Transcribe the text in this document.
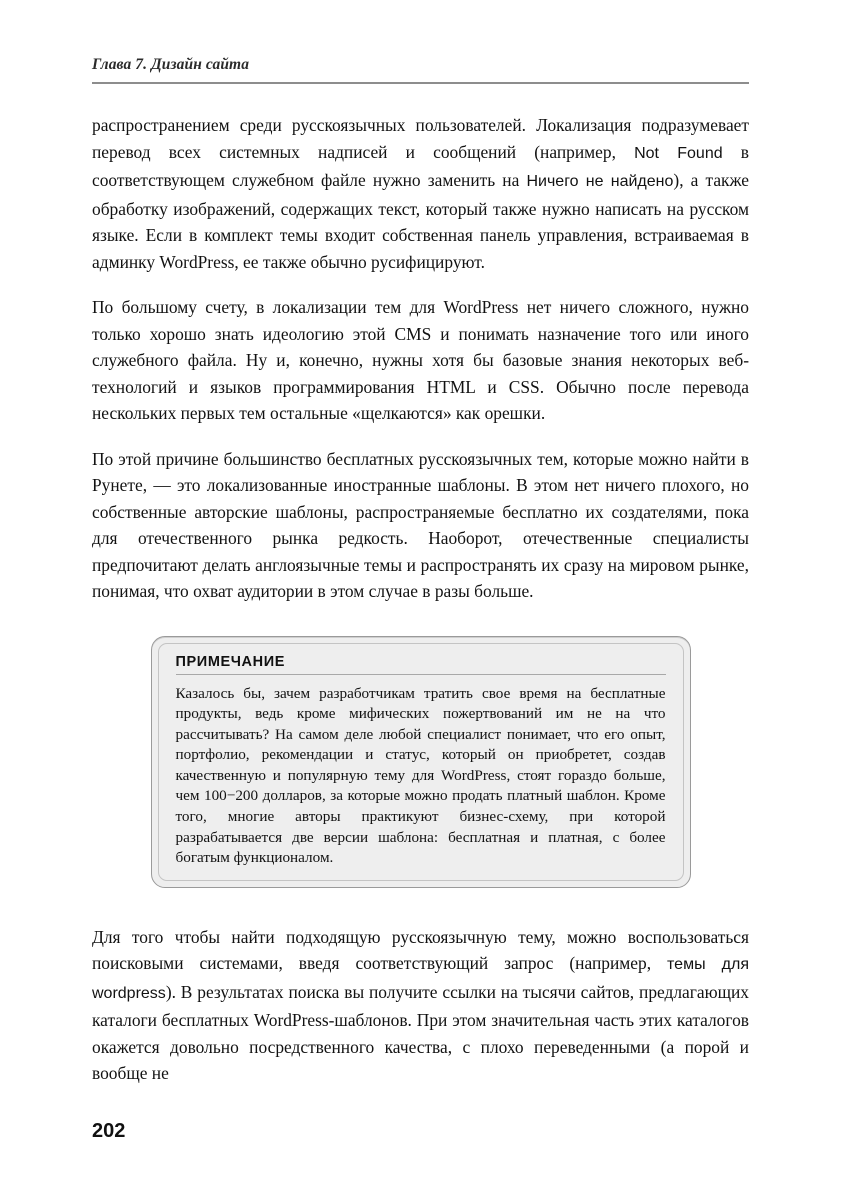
Глава 7. Дизайн сайта

распространением среди русскоязычных пользователей. Локализация подразумевает перевод всех системных надписей и сообщений (например, Not Found в соответствующем служебном файле нужно заменить на Ничего не найдено), а также обработку изображений, содержащих текст, который также нужно написать на русском языке. Если в комплект темы входит собственная панель управления, встраиваемая в админку WordPress, ее также обычно русифицируют.

По большому счету, в локализации тем для WordPress нет ничего сложного, нужно только хорошо знать идеологию этой CMS и понимать назначение того или иного служебного файла. Ну и, конечно, нужны хотя бы базовые знания некоторых веб-технологий и языков программирования HTML и CSS. Обычно после перевода нескольких первых тем остальные «щелкаются» как орешки.

По этой причине большинство бесплатных русскоязычных тем, которые можно найти в Рунете, — это локализованные иностранные шаблоны. В этом нет ничего плохого, но собственные авторские шаблоны, распространяемые бесплатно их создателями, пока для отечественного рынка редкость. Наоборот, отечественные специалисты предпочитают делать англоязычные темы и распространять их сразу на мировом рынке, понимая, что охват аудитории в этом случае в разы больше.

ПРИМЕЧАНИЕ
Казалось бы, зачем разработчикам тратить свое время на бесплатные продукты, ведь кроме мифических пожертвований им не на что рассчитывать? На самом деле любой специалист понимает, что его опыт, портфолио, рекомендации и статус, который он приобретет, создав качественную и популярную тему для WordPress, стоят гораздо больше, чем 100−200 долларов, за которые можно продать платный шаблон. Кроме того, многие авторы практикуют бизнес-схему, при которой разрабатывается две версии шаблона: бесплатная и платная, с более богатым функционалом.

Для того чтобы найти подходящую русскоязычную тему, можно воспользоваться поисковыми системами, введя соответствующий запрос (например, темы для wordpress). В результатах поиска вы получите ссылки на тысячи сайтов, предлагающих каталоги бесплатных WordPress-шаблонов. При этом значительная часть этих каталогов окажется довольно посредственного качества, с плохо переведенными (а порой и вообще не

202
